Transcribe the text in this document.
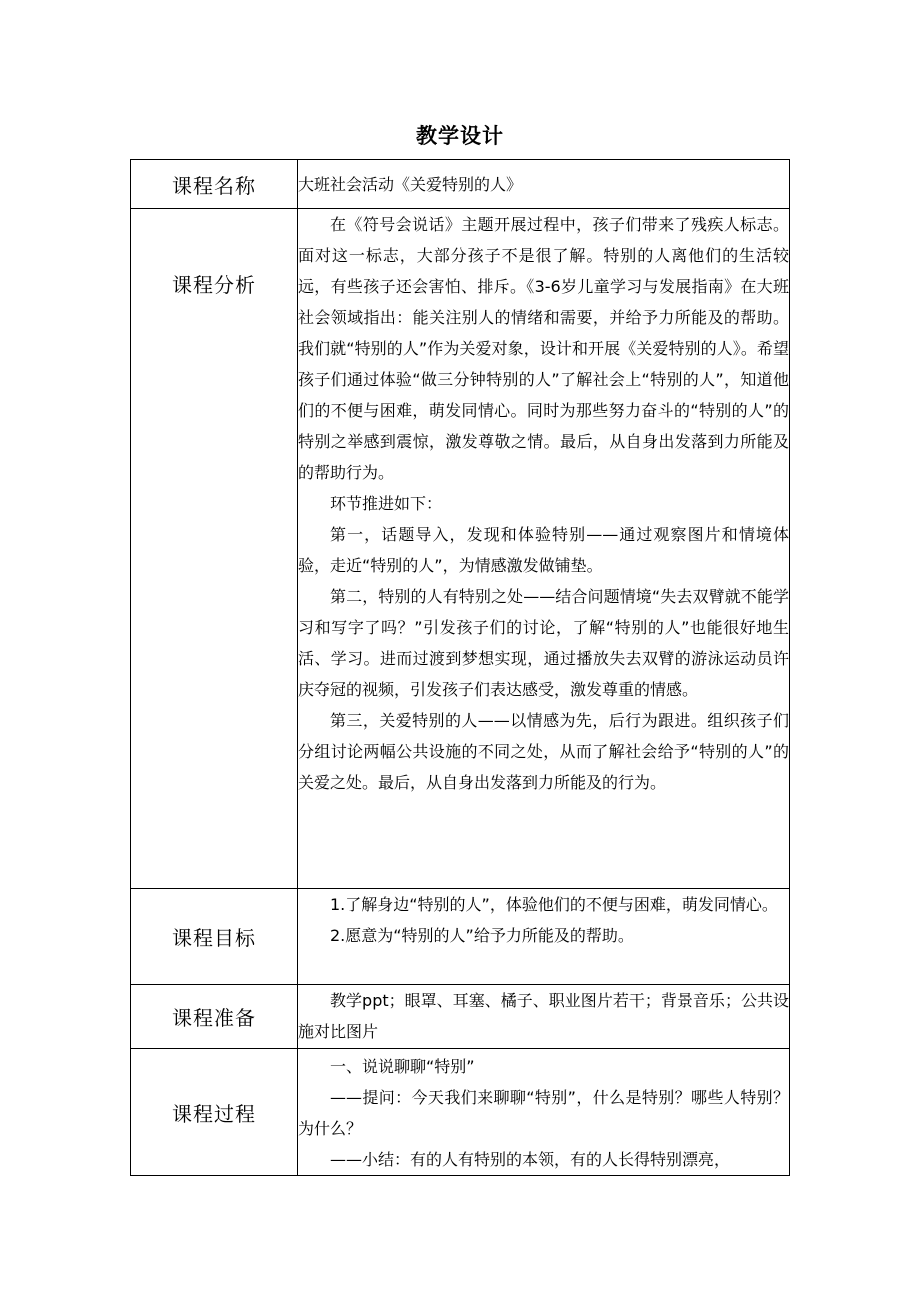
教学设计
课程名称	大班社会活动《关爱特别的人》
课程分析	在《符号会说话》主题开展过程中，孩子们带来了残疾人标志。面对这一标志，大部分孩子不是很了解。特别的人离他们的生活较远，有些孩子还会害怕、排斥。《3-6岁儿童学习与发展指南》在大班社会领域指出：能关注别人的情绪和需要，并给予力所能及的帮助。我们就“特别的人”作为关爱对象，设计和开展《关爱特别的人》。希望孩子们通过体验“做三分钟特别的人”了解社会上“特别的人”，知道他们的不便与困难，萌发同情心。同时为那些努力奋斗的“特别的人”的特别之举感到震惊，激发尊敬之情。最后，从自身出发落到力所能及的帮助行为。

环节推进如下：

第一，话题导入，发现和体验特别——通过观察图片和情境体验，走近“特别的人”，为情感激发做铺垫。

第二，特别的人有特别之处——结合问题情境“失去双臂就不能学习和写字了吗？”引发孩子们的讨论，了解“特别的人”也能很好地生活、学习。进而过渡到梦想实现，通过播放失去双臂的游泳运动员许庆夺冠的视频，引发孩子们表达感受，激发尊重的情感。

第三，关爱特别的人——以情感为先，后行为跟进。组织孩子们分组讨论两幅公共设施的不同之处，从而了解社会给予“特别的人”的关爱之处。最后，从自身出发落到力所能及的行为。

课程目标	1.了解身边“特别的人”，体验他们的不便与困难，萌发同情心。

2.愿意为“特别的人”给予力所能及的帮助。

课程准备	教学ppt；眼罩、耳塞、橘子、职业图片若干；背景音乐；公共设施对比图片

课程过程	一、说说聊聊“特别”

——提问：今天我们来聊聊“特别”，什么是特别？哪些人特别？为什么？

——小结：有的人有特别的本领，有的人长得特别漂亮，
